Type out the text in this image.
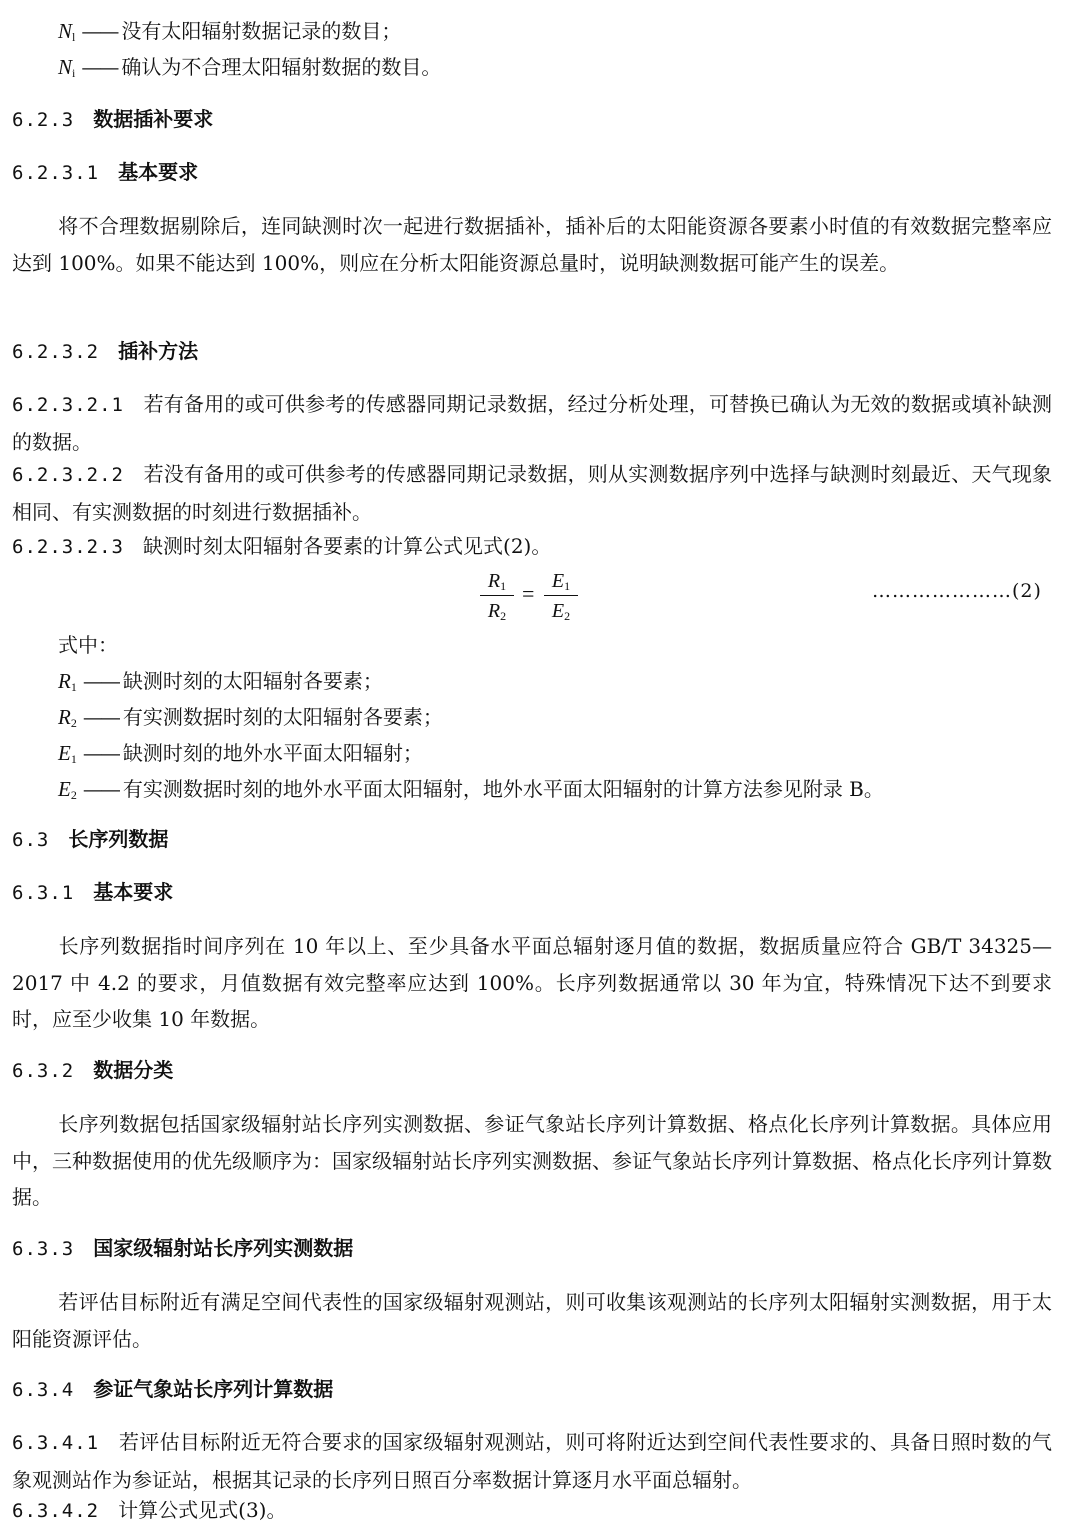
$N_l$ —— 没有太阳辐射数据记录的数目；
$N_i$ —— 确认为不合理太阳辐射数据的数目。
6.2.3 数据插补要求
6.2.3.1 基本要求
将不合理数据剔除后，连同缺测时次一起进行数据插补，插补后的太阳能资源各要素小时值的有效数据完整率应达到 100%。如果不能达到 100%，则应在分析太阳能资源总量时，说明缺测数据可能产生的误差。
6.2.3.2 插补方法
6.2.3.2.1 若有备用的或可供参考的传感器同期记录数据，经过分析处理，可替换已确认为无效的数据或填补缺测的数据。
6.2.3.2.2 若没有备用的或可供参考的传感器同期记录数据，则从实测数据序列中选择与缺测时刻最近、天气现象相同、有实测数据的时刻进行数据插补。
6.2.3.2.3 缺测时刻太阳辐射各要素的计算公式见式(2)。
$R_1$
$R_2$
= $E_1$
$E_2$
…………………(2)
式中：
$R_1$ —— 缺测时刻的太阳辐射各要素；
$R_2$ —— 有实测数据时刻的太阳辐射各要素；
$E_1$ —— 缺测时刻的地外水平面太阳辐射；
$E_2$ —— 有实测数据时刻的地外水平面太阳辐射，地外水平面太阳辐射的计算方法参见附录 B。
6.3 长序列数据
6.3.1 基本要求
长序列数据指时间序列在 10 年以上、至少具备水平面总辐射逐月值的数据，数据质量应符合 GB/T 34325—2017 中 4.2 的要求，月值数据有效完整率应达到 100%。长序列数据通常以 30 年为宜，特殊情况下达不到要求时，应至少收集 10 年数据。
6.3.2 数据分类
长序列数据包括国家级辐射站长序列实测数据、参证气象站长序列计算数据、格点化长序列计算数据。具体应用中，三种数据使用的优先级顺序为：国家级辐射站长序列实测数据、参证气象站长序列计算数据、格点化长序列计算数据。
6.3.3 国家级辐射站长序列实测数据
若评估目标附近有满足空间代表性的国家级辐射观测站，则可收集该观测站的长序列太阳辐射实测数据，用于太阳能资源评估。
6.3.4 参证气象站长序列计算数据
6.3.4.1 若评估目标附近无符合要求的国家级辐射观测站，则可将附近达到空间代表性要求的、具备日照时数的气象观测站作为参证站，根据其记录的长序列日照百分率数据计算逐月水平面总辐射。
6.3.4.2 计算公式见式(3)。
